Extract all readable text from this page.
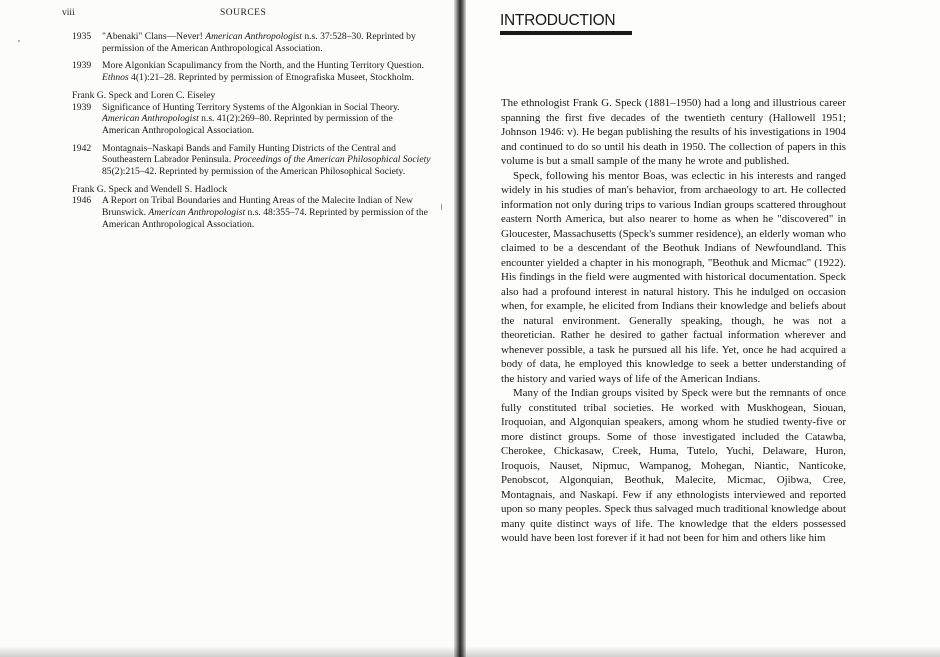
viii	SOURCES
1935	"Abenaki" Clans—Never! American Anthropologist n.s. 37:528–30. Reprinted by permission of the American Anthropological Association.
1939	More Algonkian Scapulimancy from the North, and the Hunting Territory Question. Ethnos 4(1):21–28. Reprinted by permission of Etnografiska Museet, Stockholm.
Frank G. Speck and Loren C. Eiseley
1939	Significance of Hunting Territory Systems of the Algonkian in Social Theory. American Anthropologist n.s. 41(2):269–80. Reprinted by permission of the American Anthropological Association.
1942	Montagnais–Naskapi Bands and Family Hunting Districts of the Central and Southeastern Labrador Peninsula. Proceedings of the American Philosophical Society 85(2):215–42. Reprinted by permission of the American Philosophical Society.
Frank G. Speck and Wendell S. Hadlock
1946	A Report on Tribal Boundaries and Hunting Areas of the Malecite Indian of New Brunswick. American Anthropologist n.s. 48:355–74. Reprinted by permission of the American Anthropological Association.
INTRODUCTION

The ethnologist Frank G. Speck (1881–1950) had a long and illustrious career spanning the first five decades of the twentieth century (Hallowell 1951; Johnson 1946: v). He began publishing the results of his investigations in 1904 and continued to do so until his death in 1950. The collection of papers in this volume is but a small sample of the many he wrote and published.

Speck, following his mentor Boas, was eclectic in his interests and ranged widely in his studies of man's behavior, from archaeology to art. He collected information not only during trips to various Indian groups scattered throughout eastern North America, but also nearer to home as when he "discovered" in Gloucester, Massachusetts (Speck's summer residence), an elderly woman who claimed to be a descendant of the Beothuk Indians of Newfoundland. This encounter yielded a chapter in his monograph, "Beothuk and Micmac" (1922). His findings in the field were augmented with historical documentation. Speck also had a profound interest in natural history. This he indulged on occasion when, for example, he elicited from Indians their knowledge and beliefs about the natural environment. Generally speaking, though, he was not a theoretician. Rather he desired to gather factual information wherever and whenever possible, a task he pursued all his life. Yet, once he had acquired a body of data, he employed this knowledge to seek a better understanding of the history and varied ways of life of the American Indians.

Many of the Indian groups visited by Speck were but the remnants of once fully constituted tribal societies. He worked with Muskhogean, Siouan, Iroquoian, and Algonquian speakers, among whom he studied twenty-five or more distinct groups. Some of those investigated included the Catawba, Cherokee, Chickasaw, Creek, Huma, Tutelo, Yuchi, Delaware, Huron, Iroquois, Nauset, Nipmuc, Wampanog, Mohegan, Niantic, Nanticoke, Penobscot, Algonquian, Beothuk, Malecite, Micmac, Ojibwa, Cree, Montagnais, and Naskapi. Few if any ethnologists interviewed and reported upon so many peoples. Speck thus salvaged much traditional knowledge about many quite distinct ways of life. The knowledge that the elders possessed would have been lost forever if it had not been for him and others like him
